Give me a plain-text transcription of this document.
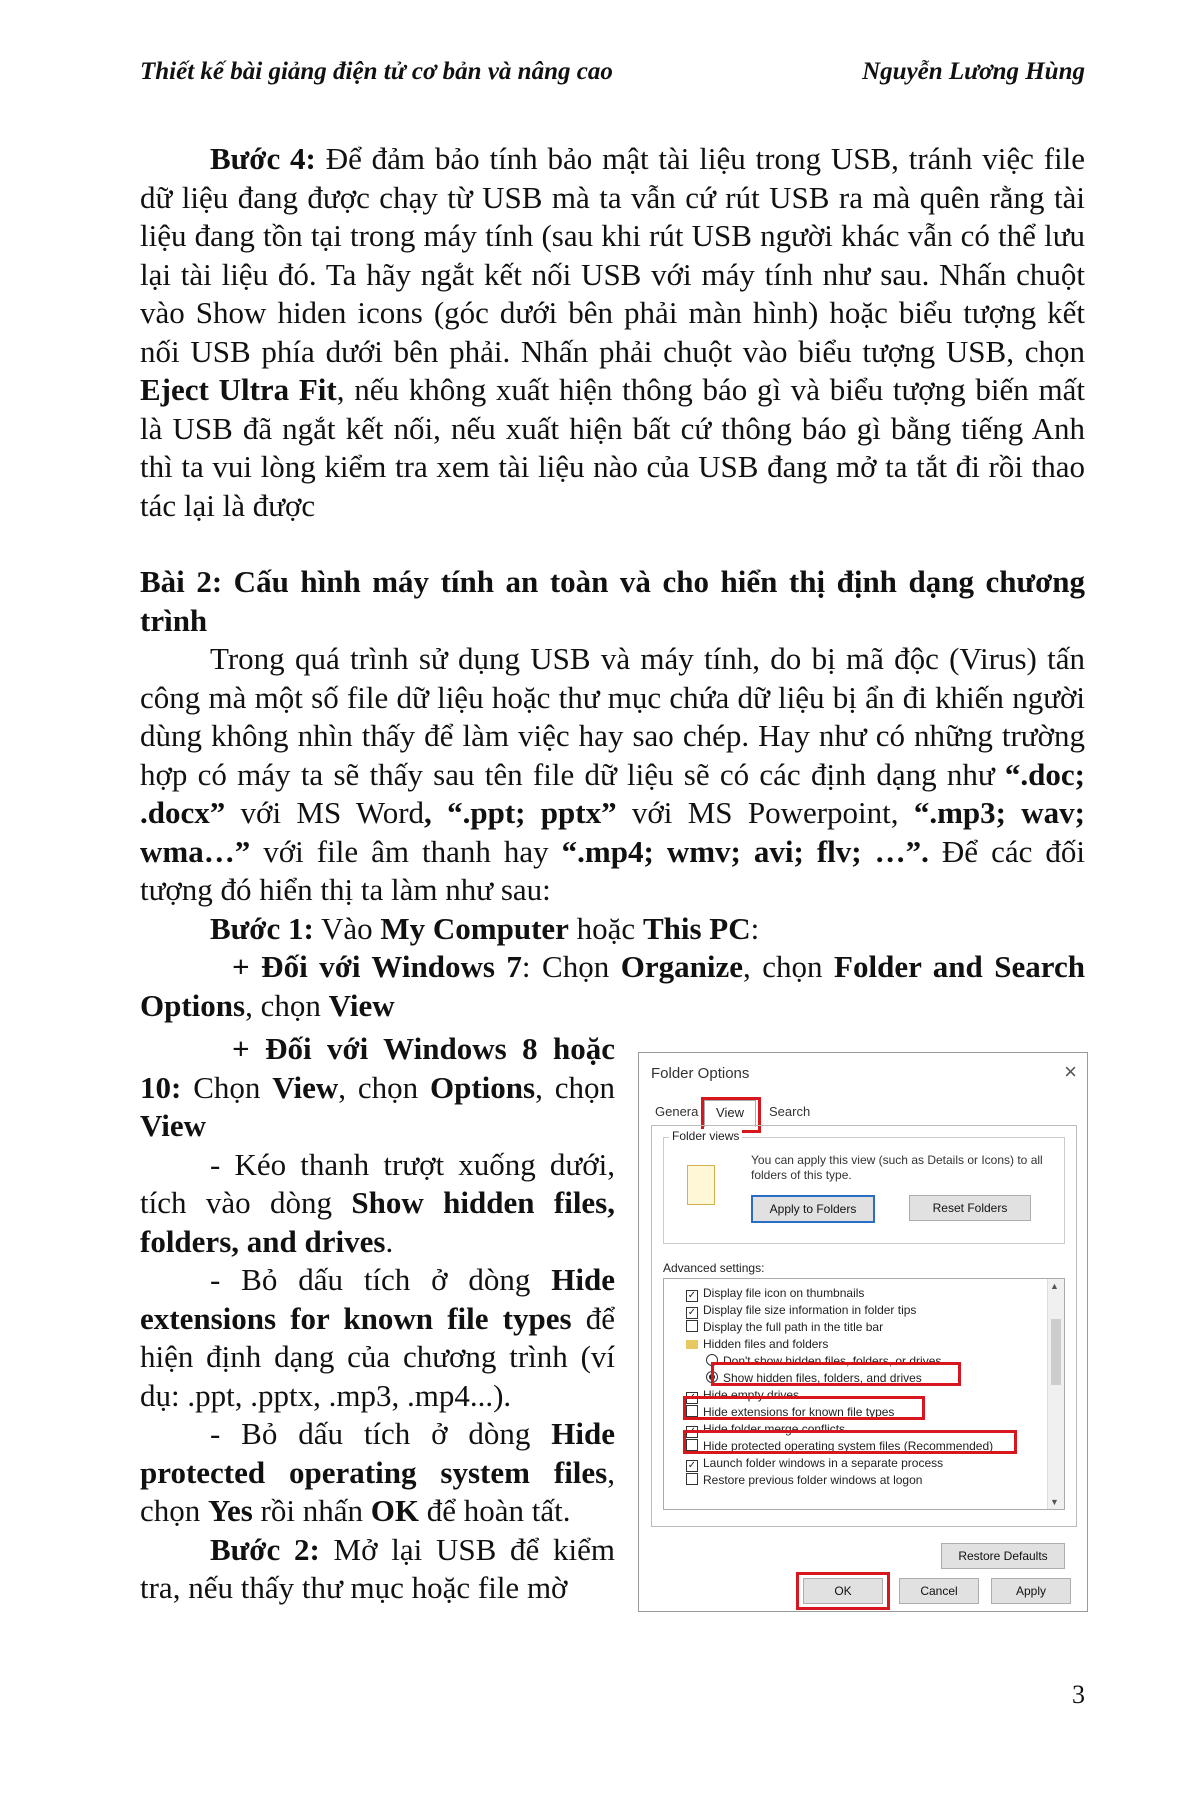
Thiết kế bài giảng điện tử cơ bản và nâng cao	Nguyễn Lương Hùng

Bước 4: Để đảm bảo tính bảo mật tài liệu trong USB, tránh việc file dữ liệu đang được chạy từ USB mà ta vẫn cứ rút USB ra mà quên rằng tài liệu đang tồn tại trong máy tính (sau khi rút USB người khác vẫn có thể lưu lại tài liệu đó. Ta hãy ngắt kết nối USB với máy tính như sau. Nhấn chuột vào Show hiden icons (góc dưới bên phải màn hình) hoặc biểu tượng kết nối USB phía dưới bên phải. Nhấn phải chuột vào biểu tượng USB, chọn Eject Ultra Fit, nếu không xuất hiện thông báo gì và biểu tượng biến mất là USB đã ngắt kết nối, nếu xuất hiện bất cứ thông báo gì bằng tiếng Anh thì ta vui lòng kiểm tra xem tài liệu nào của USB đang mở ta tắt đi rồi thao tác lại là được

Bài 2: Cấu hình máy tính an toàn và cho hiển thị định dạng chương trình

Trong quá trình sử dụng USB và máy tính, do bị mã độc (Virus) tấn công mà một số file dữ liệu hoặc thư mục chứa dữ liệu bị ẩn đi khiến người dùng không nhìn thấy để làm việc hay sao chép. Hay như có những trường hợp có máy ta sẽ thấy sau tên file dữ liệu sẽ có các định dạng như “.doc; .docx” với MS Word, “.ppt; pptx” với MS Powerpoint, “.mp3; wav; wma…” với file âm thanh hay “.mp4; wmv; avi; flv; …”. Để các đối tượng đó hiển thị ta làm như sau:

Bước 1: Vào My Computer hoặc This PC:

+ Đối với Windows 7: Chọn Organize, chọn Folder and Search Options, chọn View

+ Đối với Windows 8 hoặc 10: Chọn View, chọn Options, chọn View

- Kéo thanh trượt xuống dưới, tích vào dòng Show hidden files, folders, and drives.

- Bỏ dấu tích ở dòng Hide extensions for known file types để hiện định dạng của chương trình (ví dụ: .ppt, .pptx, .mp3, .mp4...).

- Bỏ dấu tích ở dòng Hide protected operating system files, chọn Yes rồi nhấn OK để hoàn tất.

Bước 2: Mở lại USB để kiểm tra, nếu thấy thư mục hoặc file mờ

Folder Options	×
Genera	View	Search
Folder views
You can apply this view (such as Details or Icons) to all folders of this type.
Apply to Folders	Reset Folders
Advanced settings:
✓ Display file icon on thumbnails
✓ Display file size information in folder tips
Display the full path in the title bar
Hidden files and folders
Don't show hidden files, folders, or drives
Show hidden files, folders, and drives
✓ Hide empty drives
Hide extensions for known file types
✓ Hide folder merge conflicts
Hide protected operating system files (Recommended)
✓ Launch folder windows in a separate process
Restore previous folder windows at logon
▲
▼
Restore Defaults
OK	Cancel	Apply
3
